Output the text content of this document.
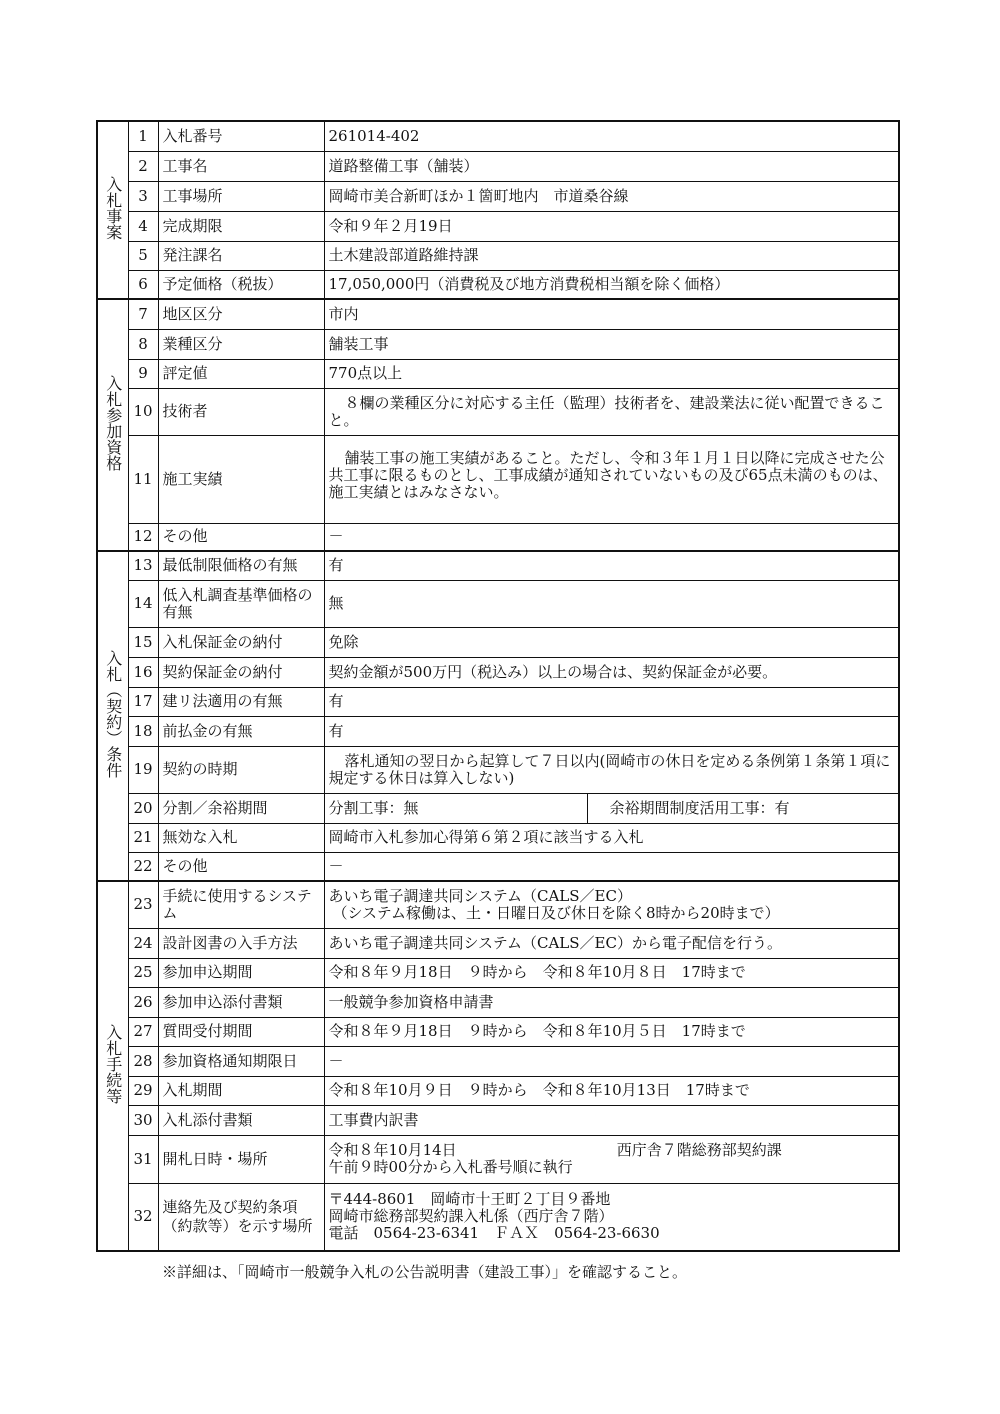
入札事案	1	入札番号	261014-402	
	2	工事名	道路整備工事（舗装）	
	3	工事場所	岡崎市美合新町ほか１箇町地内　市道桑谷線	
	4	完成期限	令和９年２月19日	
	5	発注課名	土木建設部道路維持課	
	6	予定価格（税抜）	17,050,000円（消費税及び地方消費税相当額を除く価格）	
入札参加資格	7	地区区分	市内	
	8	業種区分	舗装工事	
	9	評定値	770点以上	
	10	技術者	８欄の業種区分に対応する主任（監理）技術者を、建設業法に従い配置できること。	
	11	施工実績	舗装工事の施工実績があること。ただし、令和３年１月１日以降に完成させた公共工事に限るものとし、工事成績が通知されていないもの及び65点未満のものは、施工実績とはみなさない。	
	12	その他	－	
入札（契約）条件	13	最低制限価格の有無	有	
	14	低入札調査基準価格の有無	無	
	15	入札保証金の納付	免除	
	16	契約保証金の納付	契約金額が500万円（税込み）以上の場合は、契約保証金が必要。	
	17	建リ法適用の有無	有	
	18	前払金の有無	有	
	19	契約の時期	落札通知の翌日から起算して７日以内(岡崎市の休日を定める条例第１条第１項に規定する休日は算入しない)	
	20	分割／余裕期間	分割工事：無	余裕期間制度活用工事：有
	21	無効な入札	岡崎市入札参加心得第６第２項に該当する入札	
	22	その他	－	
入札手続等	23	手続に使用するシステム	あいち電子調達共同システム（CALS／EC）
（システム稼働は、土・日曜日及び休日を除く8時から20時まで）	

	24	設計図書の入手方法	あいち電子調達共同システム（CALS／EC）から電子配信を行う。	
	25	参加申込期間	令和８年９月18日　９時から　令和８年10月８日　17時まで	
	26	参加申込添付書類	一般競争参加資格申請書	
	27	質問受付期間	令和８年９月18日　９時から　令和８年10月５日　17時まで	
	28	参加資格通知期限日	－	
	29	入札期間	令和８年10月９日　９時から　令和８年10月13日　17時まで	
	30	入札添付書類	工事費内訳書	
	31	開札日時・場所	令和８年10月14日 西庁舎７階総務部契約課
午前９時00分から入札番号順に執行	

	32	連絡先及び契約条項（約款等）を示す場所	〒444-8601　岡崎市十王町２丁目９番地
岡崎市総務部契約課入札係（西庁舎７階）
電話　0564-23-6341　ＦＡＸ　0564-23-6630	
※詳細は、「岡崎市一般競争入札の公告説明書（建設工事）」を確認すること。
